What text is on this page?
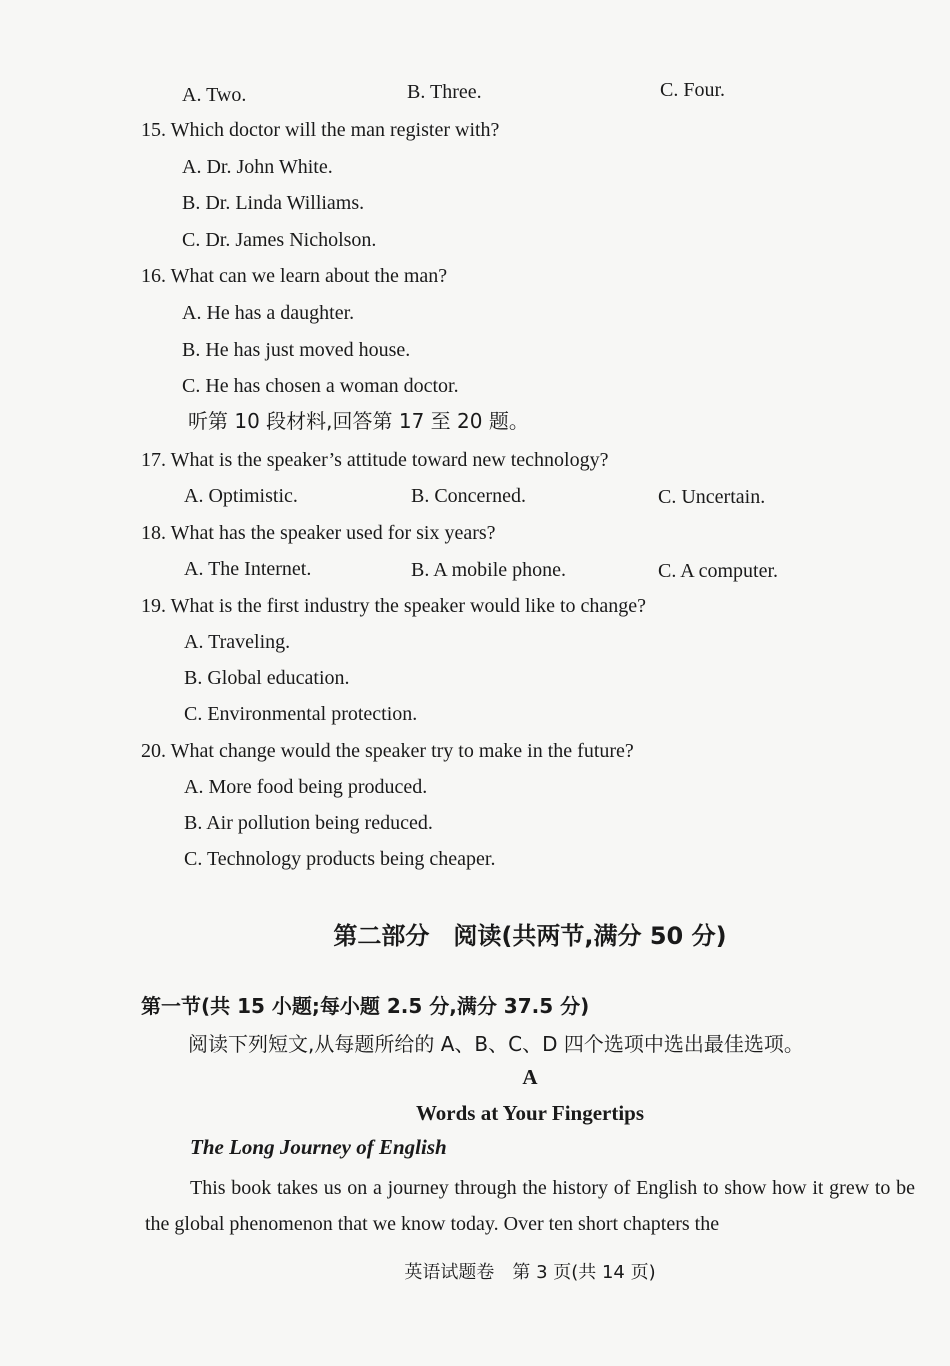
A. Two.	B. Three.	C. Four.
15. Which doctor will the man register with?
A. Dr. John White.
B. Dr. Linda Williams.
C. Dr. James Nicholson.
16. What can we learn about the man?
A. He has a daughter.
B. He has just moved house.
C. He has chosen a woman doctor.
听第 10 段材料,回答第 17 至 20 题。
17. What is the speaker’s attitude toward new technology?
A. Optimistic.	B. Concerned.	C. Uncertain.
18. What has the speaker used for six years?
A. The Internet.	B. A mobile phone.	C. A computer.
19. What is the first industry the speaker would like to change?
A. Traveling.
B. Global education.
C. Environmental protection.
20. What change would the speaker try to make in the future?
A. More food being produced.
B. Air pollution being reduced.
C. Technology products being cheaper.
第二部分　阅读(共两节,满分 50 分)
第一节(共 15 小题;每小题 2.5 分,满分 37.5 分)
阅读下列短文,从每题所给的 A、B、C、D 四个选项中选出最佳选项。
A
Words at Your Fingertips
The Long Journey of English
This book takes us on a journey through the history of English to show how it grew to be the global phenomenon that we know today. Over ten short chapters the
英语试题卷　第 3 页(共 14 页)
